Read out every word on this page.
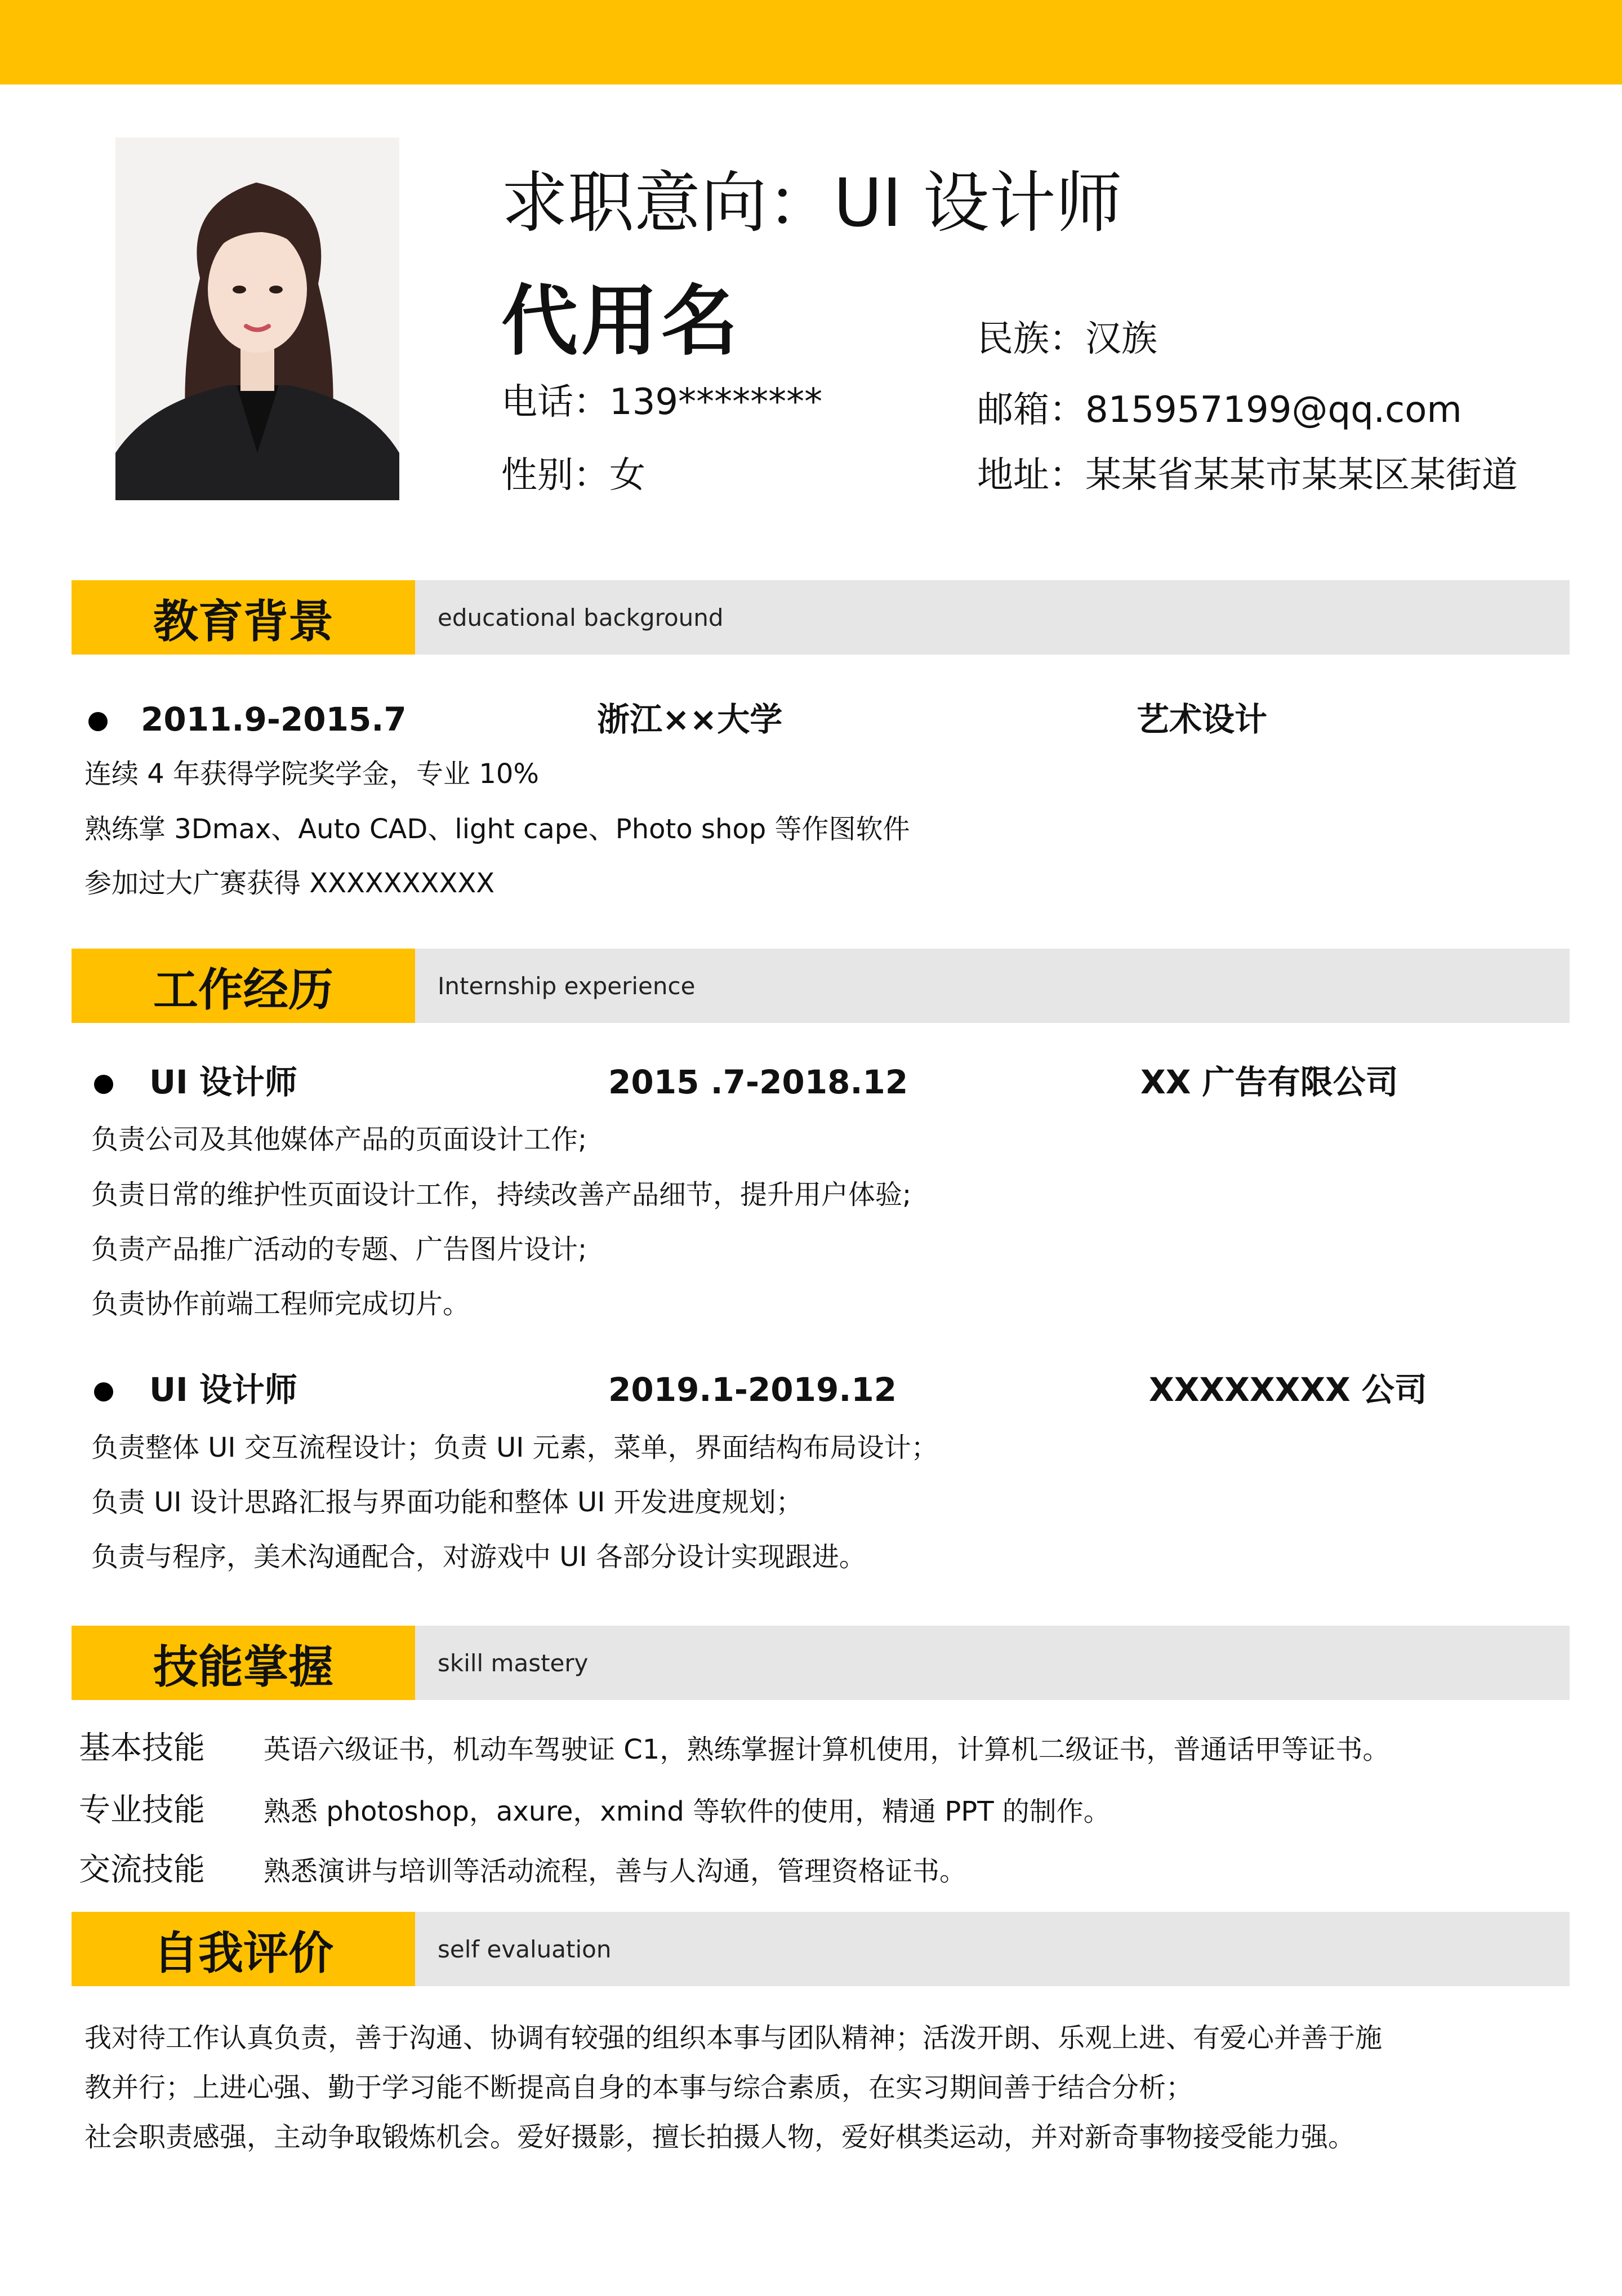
求职意向：UI 设计师
代用名
电话：139********
性别：女
民族：汉族
邮箱：815957199@qq.com
地址：某某省某某市某某区某街道
教育背景	educational background
2011.9-2015.7	浙江××大学	艺术设计
连续 4 年获得学院奖学金，专业 10%
熟练掌 3Dmax、Auto CAD、light cape、Photo shop 等作图软件
参加过大广赛获得 XXXXXXXXXX
工作经历	Internship experience
UI 设计师	2015 .7-2018.12	XX 广告有限公司
负责公司及其他媒体产品的页面设计工作;
负责日常的维护性页面设计工作，持续改善产品细节，提升用户体验;
负责产品推广活动的专题、广告图片设计;
负责协作前端工程师完成切片。
UI 设计师	2019.1-2019.12	XXXXXXXX 公司
负责整体 UI 交互流程设计；负责 UI 元素，菜单，界面结构布局设计；
负责 UI 设计思路汇报与界面功能和整体 UI 开发进度规划；
负责与程序，美术沟通配合，对游戏中 UI 各部分设计实现跟进。
技能掌握	skill mastery
基本技能 英语六级证书，机动车驾驶证 C1，熟练掌握计算机使用，计算机二级证书，普通话甲等证书。
专业技能 熟悉 photoshop，axure，xmind 等软件的使用，精通 PPT 的制作。
交流技能 熟悉演讲与培训等活动流程，善与人沟通，管理资格证书。
自我评价	self evaluation
我对待工作认真负责，善于沟通、协调有较强的组织本事与团队精神；活泼开朗、乐观上进、有爱心并善于施
教并行；上进心强、勤于学习能不断提高自身的本事与综合素质，在实习期间善于结合分析；
社会职责感强，主动争取锻炼机会。爱好摄影，擅长拍摄人物，爱好棋类运动，并对新奇事物接受能力强。
